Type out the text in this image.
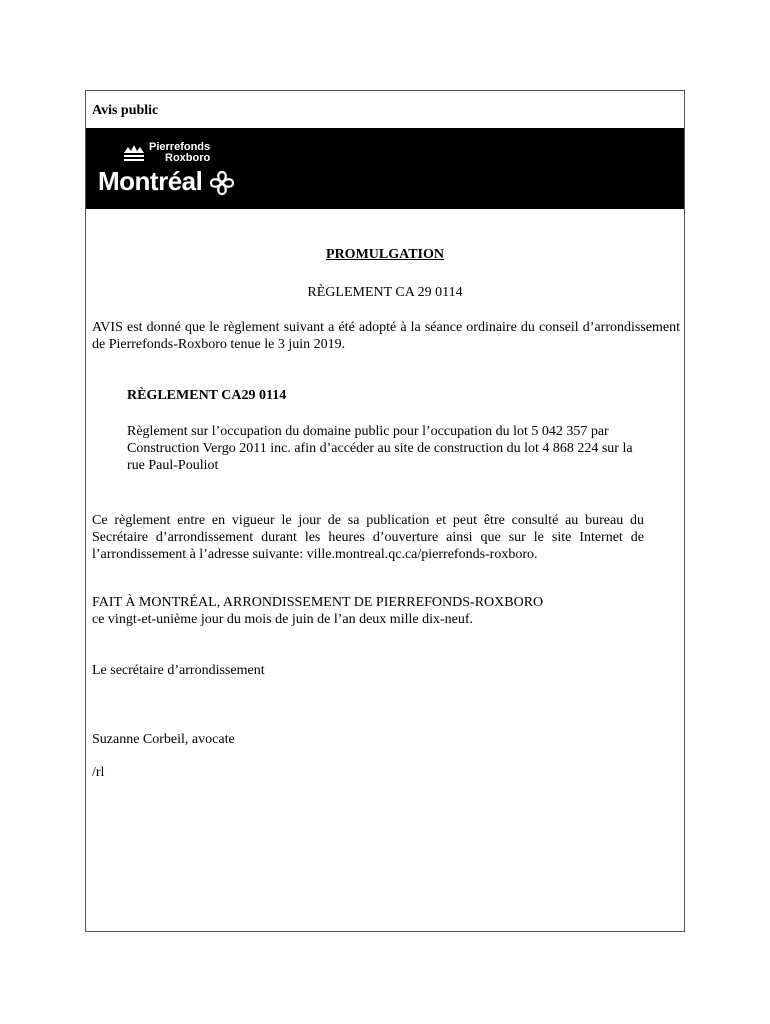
Avis public
Pierrefonds
Roxboro
Montréal
PROMULGATION
RÈGLEMENT CA 29 0114
AVIS est donné que le règlement suivant a été adopté à la séance ordinaire du conseil d’arrondissement de Pierrefonds-Roxboro tenue le 3 juin 2019.
RÈGLEMENT CA29 0114
Règlement sur l’occupation du domaine public pour l’occupation du lot 5 042 357 par Construction Vergo 2011 inc. afin d’accéder au site de construction du lot 4 868 224 sur la rue Paul-Pouliot
Ce règlement entre en vigueur le jour de sa publication et peut être consulté au bureau du Secrétaire d’arrondissement durant les heures d’ouverture ainsi que sur le site Internet de l’arrondissement à l’adresse suivante: ville.montreal.qc.ca/pierrefonds-roxboro.
FAIT À MONTRÉAL, ARRONDISSEMENT DE PIERREFONDS-ROXBORO
ce vingt-et-unième jour du mois de juin de l’an deux mille dix-neuf.
Le secrétaire d’arrondissement
Suzanne Corbeil, avocate
/rl
